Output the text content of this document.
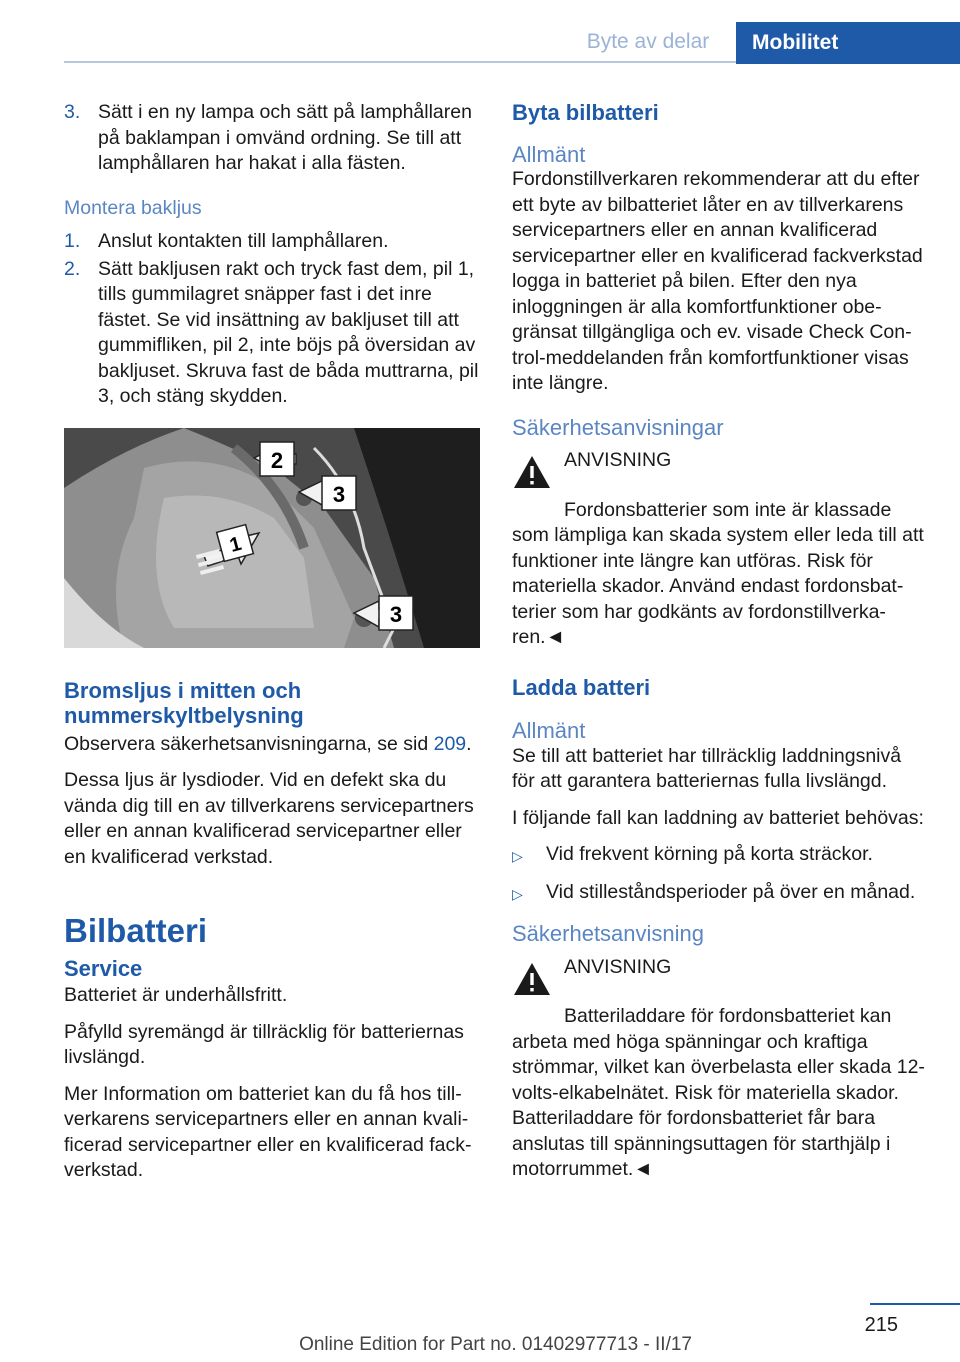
Byte av delar	Mobilitet
3. Sätt i en ny lampa och sätt på lamphållaren på baklampan i omvänd ordning. Se till att lamphållaren har hakat i alla fästen.
Montera bakljus
1. Anslut kontakten till lamphållaren.
2. Sätt bakljusen rakt och tryck fast dem, pil 1, tills gummilagret snäpper fast i det inre fästet. Se vid insättning av bakljuset till att gummifliken, pil 2, inte böjs på översidan av bakljuset. Skruva fast de båda muttrarna, pil 3, och stäng skydden.
2
3
1
3
Bromsljus i mitten och nummerskyltbelysning

Observera säkerhetsanvisningarna, se sid 209.

Dessa ljus är lysdioder. Vid en defekt ska du vända dig till en av tillverkarens servicepartners eller en annan kvalificerad servicepartner eller en kvalificerad verkstad.

Bilbatteri
Service

Batteriet är underhållsfritt.

Påfylld syremängd är tillräcklig för batteriernas livslängd.

Mer Information om batteriet kan du få hos tillverkarens servicepartners eller en annan kvalificerad servicepartner eller en kvalificerad fackverkstad.

Byta bilbatteri
Allmänt

Fordonstillverkaren rekommenderar att du efter ett byte av bilbatteriet låter en av tillverkarens servicepartners eller en annan kvalificerad servicepartner eller en kvalificerad fackverkstad logga in batteriet på bilen. Efter den nya inloggningen är alla komfortfunktioner obegränsat tillgängliga och ev. visade Check Control-meddelanden från komfortfunktioner visas inte längre.

Säkerhetsanvisningar
ANVISNING

Fordonsbatterier som inte är klassade som lämpliga kan skada system eller leda till att funktioner inte längre kan utföras. Risk för materiella skador. Använd endast fordonsbatterier som har godkänts av fordonstillverkaren.◄

Ladda batteri
Allmänt

Se till att batteriet har tillräcklig laddningsnivå för att garantera batteriernas fulla livslängd.

I följande fall kan laddning av batteriet behövas:

▷	Vid frekvent körning på korta sträckor.
▷	Vid stilleståndsperioder på över en månad.
Säkerhetsanvisning
ANVISNING

Batteriladdare för fordonsbatteriet kan arbeta med höga spänningar och kraftiga strömmar, vilket kan överbelasta eller skada 12-volts-elkabelnätet. Risk för materiella skador. Batteriladdare för fordonsbatteriet får bara anslutas till spänningsuttagen för starthjälp i motorrummet.◄

215
Online Edition for Part no. 01402977713 - II/17
